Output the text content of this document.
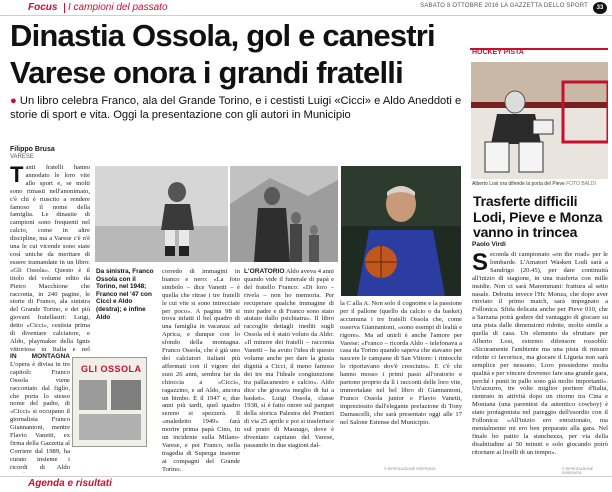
Focus I campioni del passato	SABATO 8 OTTOBRE 2016 LA GAZZETTA DELLO SPORT	33
Dinastia Ossola, gol e canestri
Varese onora i grandi fratelli
● Un libro celebra Franco, ala del Grande Torino, e i cestisti Luigi «Cicci» e Aldo Aneddoti e storie di sport e vita. Oggi la presentazione con gli autori in Municipio
Filippo Brusa
VARESE
Tanti fratelli hanno annodato le loro vite allo sport e, se molti sono rimasti nell'anonimato, c'è chi è riuscito a rendere famoso il nome della famiglia. Le dinastie di campioni sono frequenti nel calcio, come in altre discipline, ma a Varese c'è n'è una le cui vicende sono state così uniche da meritare di essere tramandate in un libro: «Gli Ossola». Questo è il titolo del volume edito da Pietro Macchione che racconta, in 240 pagine, le storie di Franco, ala sinistra del Grande Torino, e dei più giovani fratellastri: Luigi, detto «Cicci», cestista prima di diventare calciatore, e Aldo, playmaker della Ignis vittoriosa in Italia e nel
IN MONTAGNA L'opera è divisa in tre capitoli: Franco Ossola viene raccontato dal figlio, che porta lo stesso nome del padre, di «Cicci» si occupano il giornalista Franco Giannantoni, mentre Flavio Vanetti, ex firma della Gazzetta al Corriere dal 1989, ha curato insieme i ricordi di Aldo
Da sinistra, Franco Ossola con il Torino, nel 1948; Franco nel '47 con Cicci e Aldo (destra); e infine Aldo
corredo di immagini in bianco e nero: «La foto simbolo – dice Vanetti – è quella che ritrae i tre fratelli le cui vite si sono intrecciate per poco». A pagina 98 si trova infatti il bel quadro di una famiglia in vacanza: ad Aprica, e dunque con lo sfondo della montagna. Franco Ossola, che è già uno dei calciatori italiani più affermati con il vigore dei suoi 26 anni, sembra far da chioccia a «Cicci», ragazzino, e ad Aldo, ancora un bimbo. È il 1947 e, due anni più tardi, quel quadro sereno si spezzerà. Il «maledetto 1949» farà morire prima papà Cino, in un incidente sulla Milano-Varese, e poi Franco, nella tragedia di Superga insieme ai compagni del Grande Torino.
GLI OSSOLA
L'ORATORIO Aldo aveva 4 anni quando vide il funerale di papà e del fratello Franco: «Di loro – rivela – non ho memoria. Per recuperare qualche immagine di mio padre e di Franco sono stato aiutato dallo psichiatra». Il libro raccoglie dettagli inediti sugli Ossola ed è stato voluto da Aldo: «Il minore dei fratelli – racconta Vanetti – ha avuto l'idea di questo volume anche per dare la giusta dignità a Cicci, il meno famoso dei tre ma l'ideale congiunzione tra pallacanestro e calcio». Aldo dice che giocava meglio di lui a basket». Luigi Ossola, classe 1938, si è fatto onore sul parquet della storica Palestra del Pontieri di via 25 aprile e poi si trasferisce sul prato di Masnago, dove è diventato capitano del Varese, passando in due stagioni dal-
la C alla A. Non solo il cognome e la passione per il pallone (quello da calcio o da basket) accumuna i tre fratelli Ossola che, come osserva Giannantoni, «sono esempi di lealtà e rigore». Ma ad unirli è anche l'amore per Varese: «Franco – ricorda Aldo – telefonava a casa da Torino quando sapeva che stavano per nascere le campane di San Vittore: i rintocchi lo riportavano dov'è cresciuto». E c'è chi hanno mosso i primi passi all'oratorio e partono proprio da lì i racconti delle loro vite, immortalate nel bel libro di Giannantoni, Franco Ossola junior e Flavio Vanetti, impreziosito dall'elegante prefazione di Tony Damascelli, che sarà presentato oggi alle 17 nel Salone Estense del Municipio.
© RIPRODUZIONE RISERVATA
HOCKEY PISTA
Alberto Losi ora difende la porta del Pieve FOTO BALDI
Trasferte difficili Lodi, Pieve e Monza vanno in trincea
Paolo Virdi
Seconda di campionato «on the road» per le lombarde. L'Amatori Wasken Lodi sarà a Sandrigo (20.45), per dare continuità all'inizio di stagione, in una trasferta con mille insidie. Non ci sarà Maremmani: frattura al setto nasale. Debutta invece l'Hc Monza, che dopo aver rinviato il primo match, sarà impegnato a Follonica. Sfida delicata anche per Pieve 010, che a Sarzana potrà godere del vantaggio di giocare su una pista dalle dimensioni ridotte, molto simile a quella di casa. Un elemento da sfruttare per Alberto Losi, estremo difensore rossoblù: «Sicuramente l'ambiente ma una pista di misure ridotte ci favorisce, ma giocare il Liguria non sarà semplice per nessuno. Loro possiedono molta qualità e per vincere dovremo fare una grande gara, perché i punti in pallo sono già molto importanti». Un'azzurro, tre volte miglior portiere d'Italia, rientrato in attività dopo un ritorno tra Cina e Montana (una parentesi da autentico cowboy) è stato protagonista nel pareggio dell'esordio con il Follonica: «All'inizio ero emozionato, ma mentalmente mi ero ben preparato alla gara. Nel finale ho patito la stanchezza, per via della disabitudine ai 50 minuti e solo giocando potrò ritornare ai livelli di un tempo».
© RIPRODUZIONE RISERVATA
Agenda e risultati
